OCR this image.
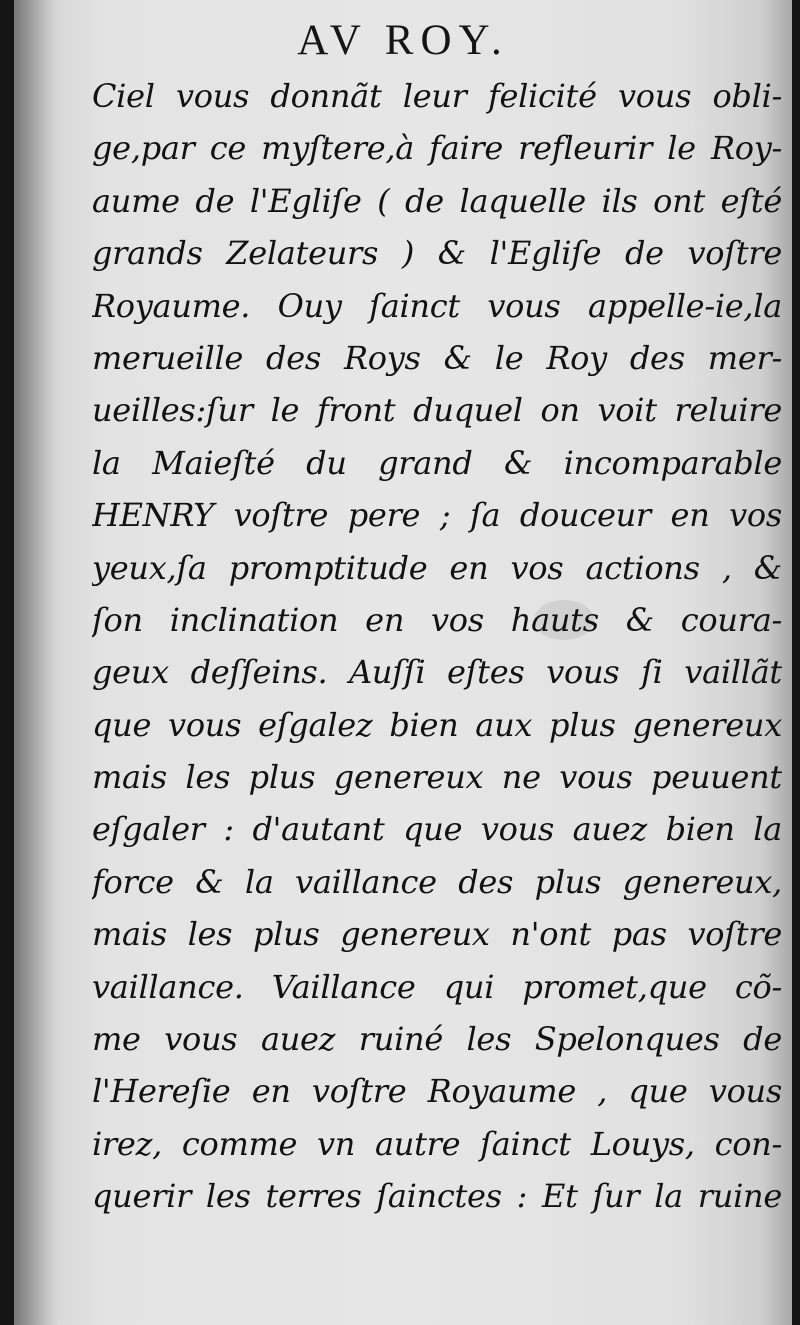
AV ROY.
Ciel vous donnãt leur felicité vous obli-
ge,par ce myſtere,à faire refleurir le Roy-
aume de l'Egliſe ( de laquelle ils ont eſté
grands Zelateurs ) & l'Egliſe de voſtre
Royaume. Ouy ſainct vous appelle-ie,la
merueille des Roys & le Roy des mer-
ueilles:ſur le front duquel on voit reluire
la Maieſté du grand & incomparable
HENRY voſtre pere ; ſa douceur en vos
yeux,ſa promptitude en vos actions , &
ſon inclination en vos hauts & coura-
geux deſſeins. Auſſi eſtes vous ſi vaillãt
que vous eſgalez bien aux plus genereux
mais les plus genereux ne vous peuuent
eſgaler : d'autant que vous auez bien la
force & la vaillance des plus genereux,
mais les plus genereux n'ont pas voſtre
vaillance. Vaillance qui promet,que cõ-
me vous auez ruiné les Spelonques de
l'Hereſie en voſtre Royaume , que vous
irez, comme vn autre ſainct Louys, con-
querir les terres ſainctes : Et ſur la ruine
